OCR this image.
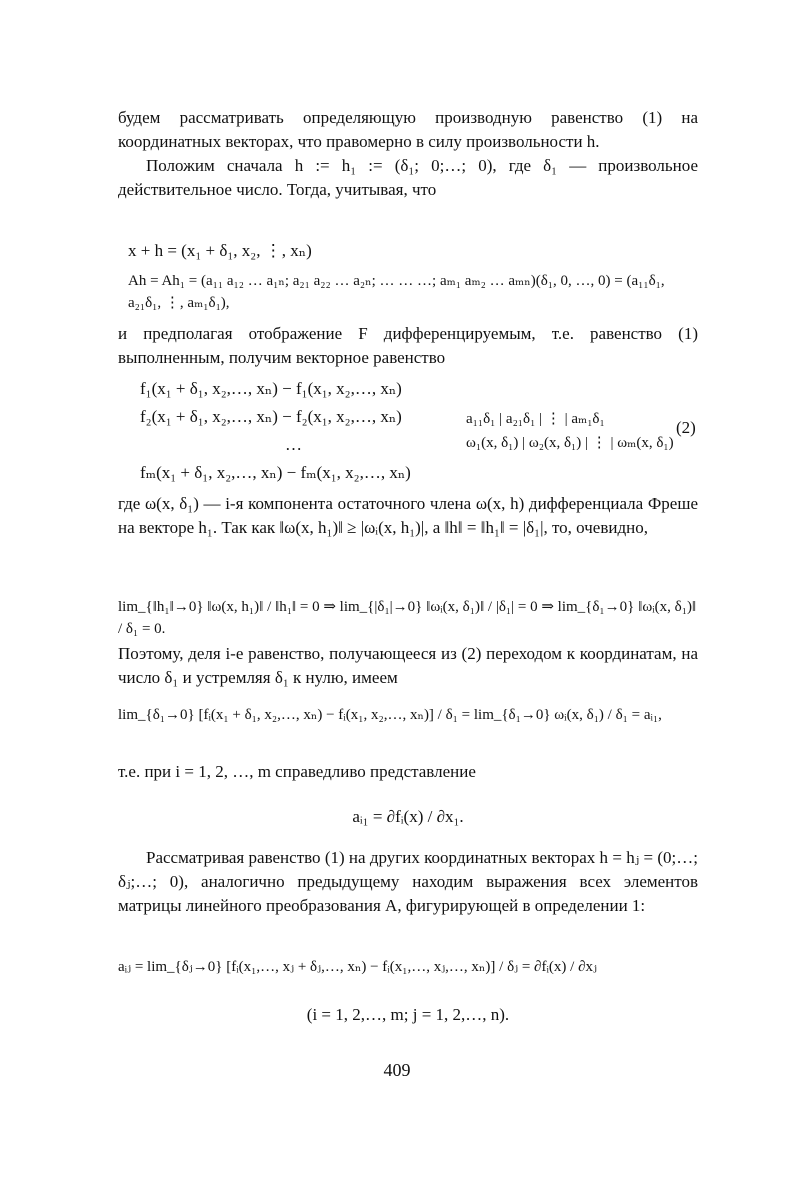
будем рассматривать определяющую производную равенство (1) на координатных векторах, что правомерно в силу произвольности h.
Положим сначала h := h₁ := (δ₁; 0;…; 0), где δ₁ — произвольное действительное число. Тогда, учитывая, что
x + h = (x₁ + δ₁, x₂, ⋮, xₙ)
Ah = Ah₁ = (a₁₁ a₁₂ … a₁ₙ; a₂₁ a₂₂ … a₂ₙ; … … …; aₘ₁ aₘ₂ … aₘₙ)(δ₁, 0, …, 0) = (a₁₁δ₁, a₂₁δ₁, ⋮, aₘ₁δ₁),
и предполагая отображение F дифференцируемым, т.е. равенство (1) выполненным, получим векторное равенство
f₁(x₁ + δ₁, x₂,…, xₙ) − f₁(x₁, x₂,…, xₙ)
f₂(x₁ + δ₁, x₂,…, xₙ) − f₂(x₁, x₂,…, xₙ)
…
fₘ(x₁ + δ₁, x₂,…, xₙ) − fₘ(x₁, x₂,…, xₙ)
a₁₁δ₁ | a₂₁δ₁ | ⋮ | aₘ₁δ₁
ω₁(x, δ₁) | ω₂(x, δ₁) | ⋮ | ωₘ(x, δ₁)
(2)
где ω(x, δ₁) — i-я компонента остаточного члена ω(x, h) дифференциала Фреше на векторе h₁. Так как ‖ω(x, h₁)‖ ≥ |ωᵢ(x, h₁)|, а ‖h‖ = ‖h₁‖ = |δ₁|, то, очевидно,
lim_{‖h₁‖→0} ‖ω(x, h₁)‖ / ‖h₁‖ = 0 ⇒ lim_{|δ₁|→0} ‖ωᵢ(x, δ₁)‖ / |δ₁| = 0 ⇒ lim_{δ₁→0} ‖ωᵢ(x, δ₁)‖ / δ₁ = 0.
Поэтому, деля i-е равенство, получающееся из (2) переходом к координатам, на число δ₁ и устремляя δ₁ к нулю, имеем
lim_{δ₁→0} [fᵢ(x₁ + δ₁, x₂,…, xₙ) − fᵢ(x₁, x₂,…, xₙ)] / δ₁ = lim_{δ₁→0} ωᵢ(x, δ₁) / δ₁ = aᵢ₁,
т.е. при i = 1, 2, …, m справедливо представление
aᵢ₁ = ∂fᵢ(x) / ∂x₁.
Рассматривая равенство (1) на других координатных векторах h = hⱼ = (0;…; δⱼ;…; 0), аналогично предыдущему находим выражения всех элементов матрицы линейного преобразования A, фигурирующей в определении 1:
aᵢⱼ = lim_{δⱼ→0} [fᵢ(x₁,…, xⱼ + δⱼ,…, xₙ) − fᵢ(x₁,…, xⱼ,…, xₙ)] / δⱼ = ∂fᵢ(x) / ∂xⱼ
(i = 1, 2,…, m; j = 1, 2,…, n).
409
